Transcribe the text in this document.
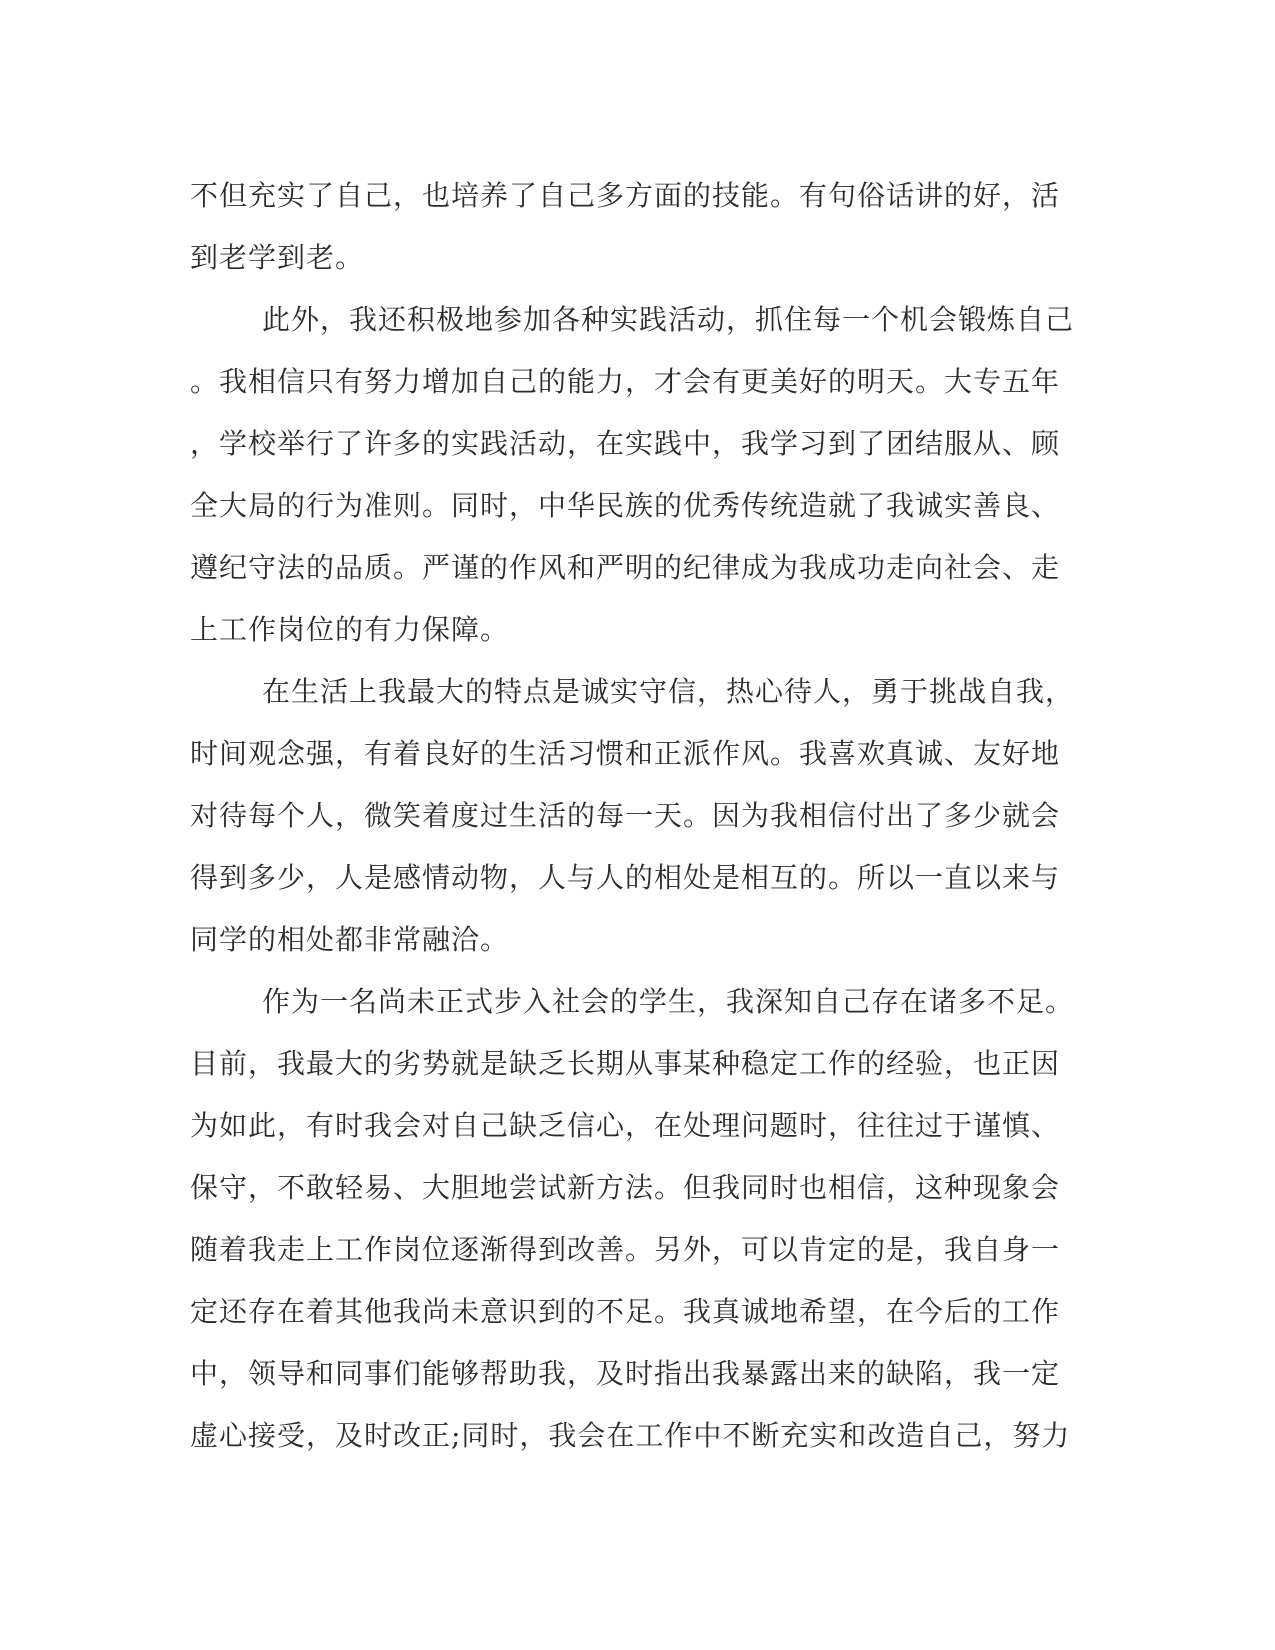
不但充实了自己，也培养了自己多方面的技能。有句俗话讲的好，活
到老学到老。
此外，我还积极地参加各种实践活动，抓住每一个机会锻炼自己
。我相信只有努力增加自己的能力，才会有更美好的明天。大专五年
，学校举行了许多的实践活动，在实践中，我学习到了团结服从、顾
全大局的行为准则。同时，中华民族的优秀传统造就了我诚实善良、
遵纪守法的品质。严谨的作风和严明的纪律成为我成功走向社会、走
上工作岗位的有力保障。
在生活上我最大的特点是诚实守信，热心待人，勇于挑战自我，
时间观念强，有着良好的生活习惯和正派作风。我喜欢真诚、友好地
对待每个人，微笑着度过生活的每一天。因为我相信付出了多少就会
得到多少，人是感情动物，人与人的相处是相互的。所以一直以来与
同学的相处都非常融洽。
作为一名尚未正式步入社会的学生，我深知自己存在诸多不足。
目前，我最大的劣势就是缺乏长期从事某种稳定工作的经验，也正因
为如此，有时我会对自己缺乏信心，在处理问题时，往往过于谨慎、
保守，不敢轻易、大胆地尝试新方法。但我同时也相信，这种现象会
随着我走上工作岗位逐渐得到改善。另外，可以肯定的是，我自身一
定还存在着其他我尚未意识到的不足。我真诚地希望，在今后的工作
中，领导和同事们能够帮助我，及时指出我暴露出来的缺陷，我一定
虚心接受，及时改正;同时，我会在工作中不断充实和改造自己，努力
